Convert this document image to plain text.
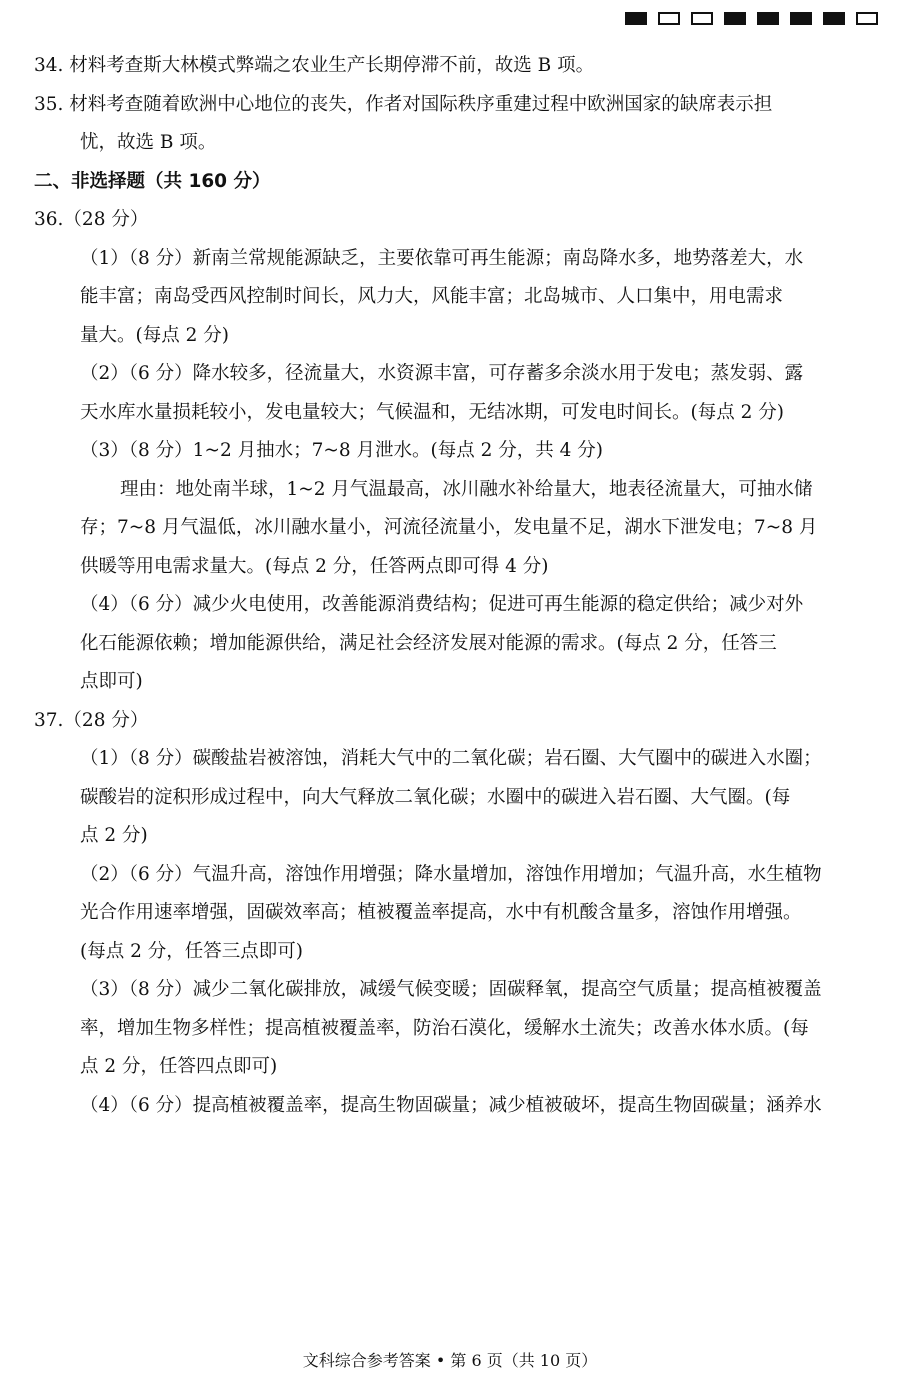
34. 材料考查斯大林模式弊端之农业生产长期停滞不前，故选 B 项。
35. 材料考查随着欧洲中心地位的丧失，作者对国际秩序重建过程中欧洲国家的缺席表示担
忧，故选 B 项。
二、非选择题（共 160 分）
36.（28 分）
（1）（8 分）新南兰常规能源缺乏，主要依靠可再生能源；南岛降水多，地势落差大，水
能丰富；南岛受西风控制时间长，风力大，风能丰富；北岛城市、人口集中，用电需求
量大。(每点 2 分)
（2）（6 分）降水较多，径流量大，水资源丰富，可存蓄多余淡水用于发电；蒸发弱、露
天水库水量损耗较小，发电量较大；气候温和，无结冰期，可发电时间长。(每点 2 分)
（3）（8 分）1~2 月抽水；7~8 月泄水。(每点 2 分，共 4 分)
理由：地处南半球，1~2 月气温最高，冰川融水补给量大，地表径流量大，可抽水储
存；7~8 月气温低，冰川融水量小，河流径流量小，发电量不足，湖水下泄发电；7~8 月
供暖等用电需求量大。(每点 2 分，任答两点即可得 4 分)
（4）（6 分）减少火电使用，改善能源消费结构；促进可再生能源的稳定供给；减少对外
化石能源依赖；增加能源供给，满足社会经济发展对能源的需求。(每点 2 分，任答三
点即可)
37.（28 分）
（1）（8 分）碳酸盐岩被溶蚀，消耗大气中的二氧化碳；岩石圈、大气圈中的碳进入水圈；
碳酸岩的淀积形成过程中，向大气释放二氧化碳；水圈中的碳进入岩石圈、大气圈。(每
点 2 分)
（2）（6 分）气温升高，溶蚀作用增强；降水量增加，溶蚀作用增加；气温升高，水生植物
光合作用速率增强，固碳效率高；植被覆盖率提高，水中有机酸含量多，溶蚀作用增强。
(每点 2 分，任答三点即可)
（3）（8 分）减少二氧化碳排放，减缓气候变暖；固碳释氧，提高空气质量；提高植被覆盖
率，增加生物多样性；提高植被覆盖率，防治石漠化，缓解水土流失；改善水体水质。(每
点 2 分，任答四点即可)
（4）（6 分）提高植被覆盖率，提高生物固碳量；减少植被破坏，提高生物固碳量；涵养水
文科综合参考答案 • 第 6 页（共 10 页）
